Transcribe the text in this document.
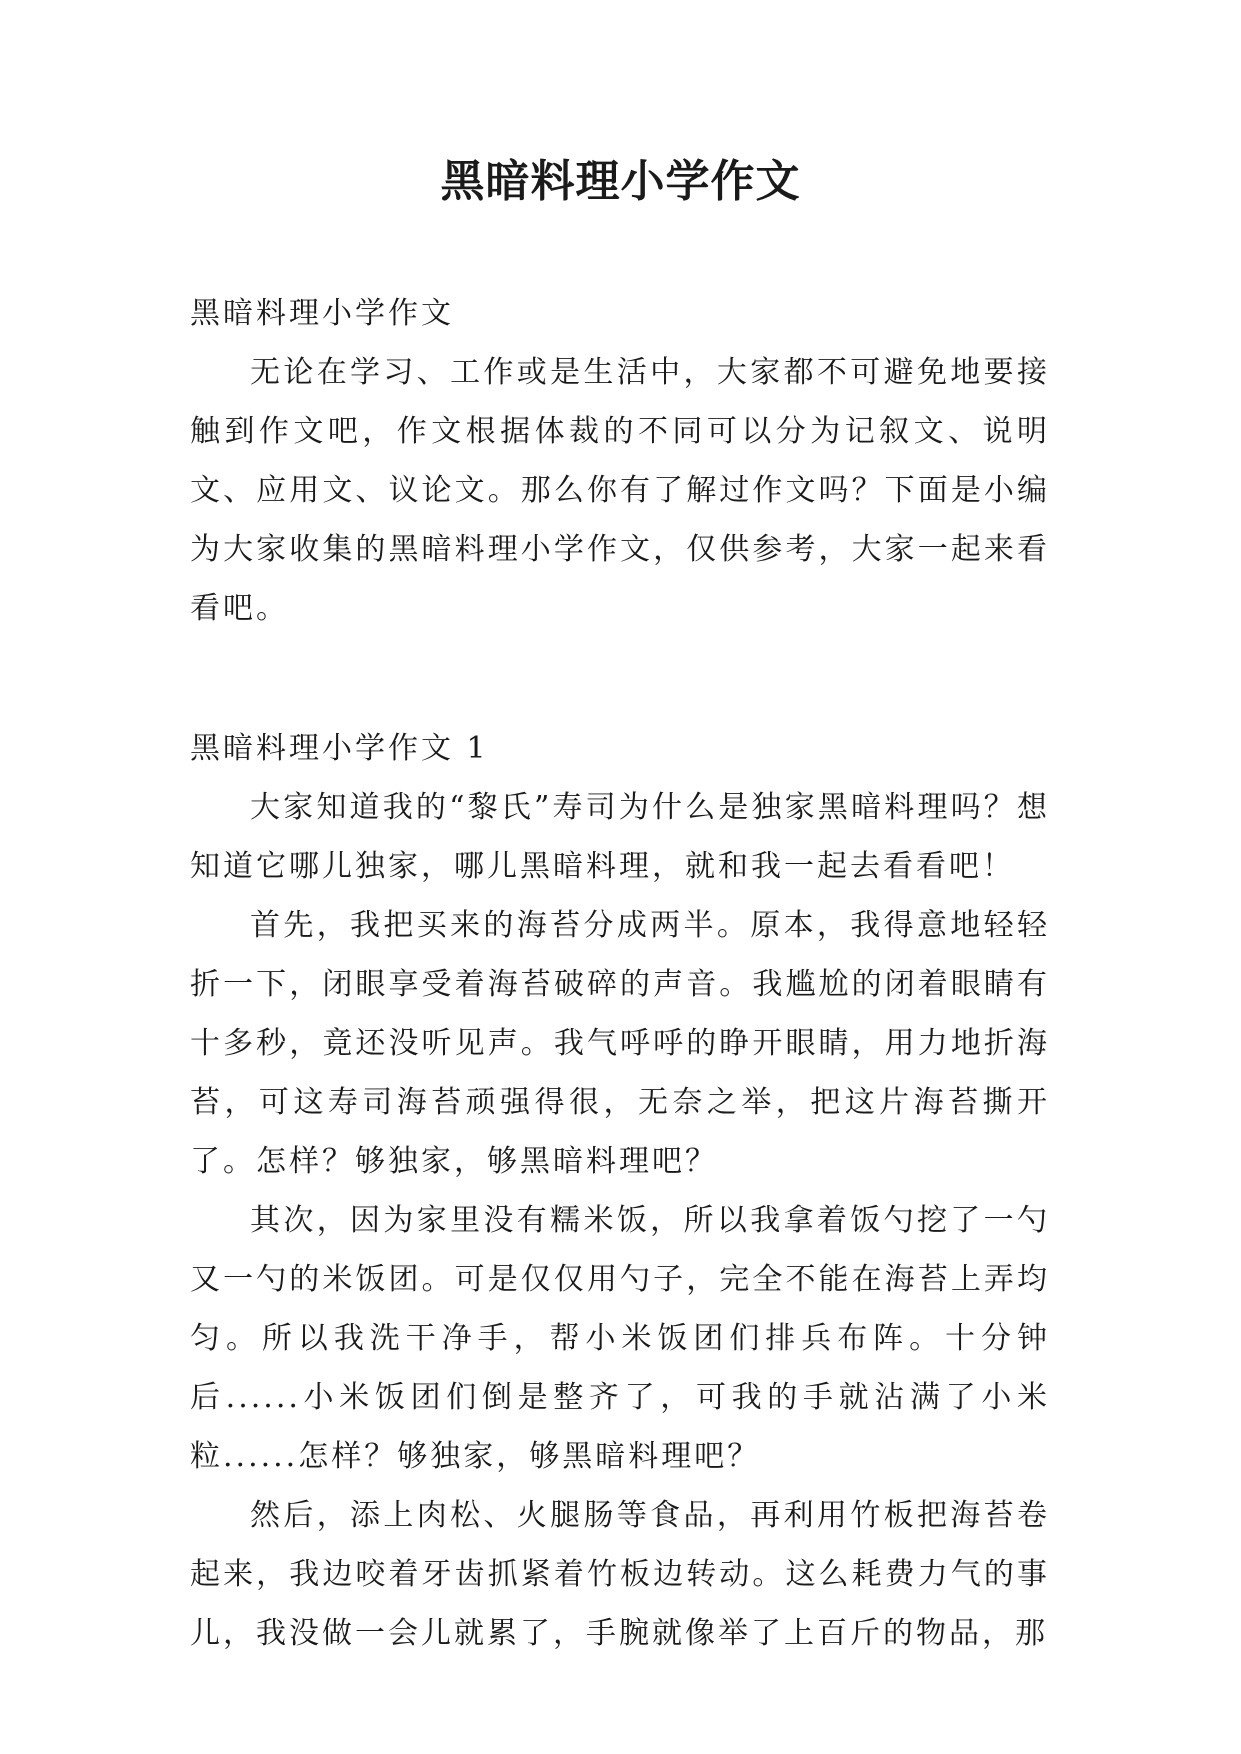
黑暗料理小学作文

黑暗料理小学作文

无论在学习、工作或是生活中，大家都不可避免地要接触到作文吧，作文根据体裁的不同可以分为记叙文、说明文、应用文、议论文。那么你有了解过作文吗？下面是小编为大家收集的黑暗料理小学作文，仅供参考，大家一起来看看吧。

黑暗料理小学作文 1

大家知道我的“黎氏”寿司为什么是独家黑暗料理吗？想知道它哪儿独家，哪儿黑暗料理，就和我一起去看看吧！

首先，我把买来的海苔分成两半。原本，我得意地轻轻折一下，闭眼享受着海苔破碎的声音。我尴尬的闭着眼睛有十多秒，竟还没听见声。我气呼呼的睁开眼睛，用力地折海苔，可这寿司海苔顽强得很，无奈之举，把这片海苔撕开了。怎样？够独家，够黑暗料理吧？

其次，因为家里没有糯米饭，所以我拿着饭勺挖了一勺又一勺的米饭团。可是仅仅用勺子，完全不能在海苔上弄均匀。所以我洗干净手，帮小米饭团们排兵布阵。十分钟后......小米饭团们倒是整齐了，可我的手就沾满了小米粒......怎样？够独家，够黑暗料理吧？

然后，添上肉松、火腿肠等食品，再利用竹板把海苔卷起来，我边咬着牙齿抓紧着竹板边转动。这么耗费力气的事儿，我没做一会儿就累了，手腕就像举了上百斤的物品，那
